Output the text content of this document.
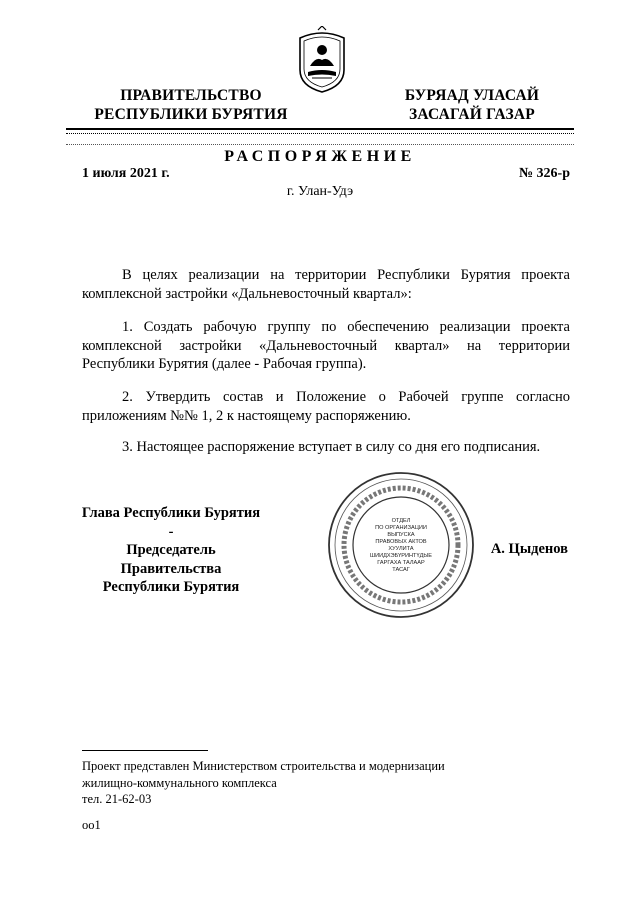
ПРАВИТЕЛЬСТВО
РЕСПУБЛИКИ БУРЯТИЯ
БУРЯАД УЛАСАЙ
ЗАСАГАЙ ГАЗАР
РАСПОРЯЖЕНИЕ
1 июля 2021 г.	№ 326-р
г. Улан-Удэ
В целях реализации на территории Республики Бурятия проекта комплексной застройки «Дальневосточный квартал»:
1. Создать рабочую группу по обеспечению реализации проекта комплексной застройки «Дальневосточный квартал» на территории Республики Бурятия (далее - Рабочая группа).
2. Утвердить состав и Положение о Рабочей группе согласно приложениям №№ 1, 2 к настоящему распоряжению.
3. Настоящее распоряжение вступает в силу со дня его подписания.
Глава Республики Бурятия -
Председатель Правительства
Республики Бурятия
ОТДЕЛ
ПО ОРГАНИЗАЦИИ
ВЫПУСКА
ПРАВОВЫХ АКТОВ
ХУУЛИТА
ШИИДХЭБҮРИНТҮДЫЕ
ГАРГАХА ТАЛААР
ТАСАГ
А. Цыденов
Проект представлен Министерством строительства и модернизации
жилищно-коммунального комплекса
тел. 21-62-03
оо1
